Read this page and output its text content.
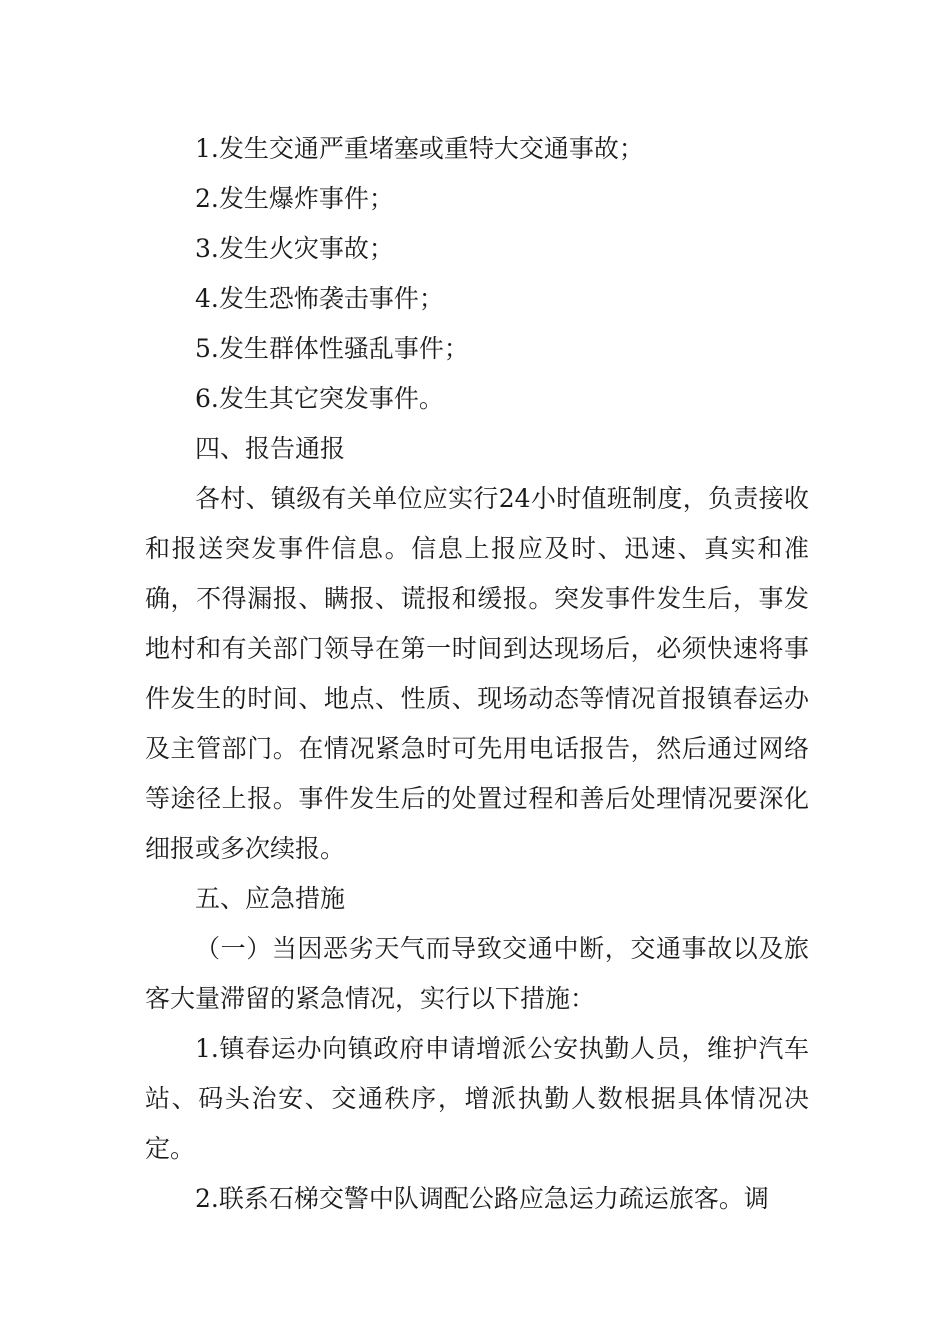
1.发生交通严重堵塞或重特大交通事故；

2.发生爆炸事件；

3.发生火灾事故；

4.发生恐怖袭击事件；

5.发生群体性骚乱事件；

6.发生其它突发事件。

四、报告通报

各村、镇级有关单位应实行24小时值班制度，负责接收和报送突发事件信息。信息上报应及时、迅速、真实和准确，不得漏报、瞒报、谎报和缓报。突发事件发生后，事发地村和有关部门领导在第一时间到达现场后，必须快速将事件发生的时间、地点、性质、现场动态等情况首报镇春运办及主管部门。在情况紧急时可先用电话报告，然后通过网络等途径上报。事件发生后的处置过程和善后处理情况要深化细报或多次续报。

五、应急措施

（一）当因恶劣天气而导致交通中断，交通事故以及旅客大量滞留的紧急情况，实行以下措施：

1.镇春运办向镇政府申请增派公安执勤人员，维护汽车站、码头治安、交通秩序，增派执勤人数根据具体情况决定。

2.联系石梯交警中队调配公路应急运力疏运旅客。调
